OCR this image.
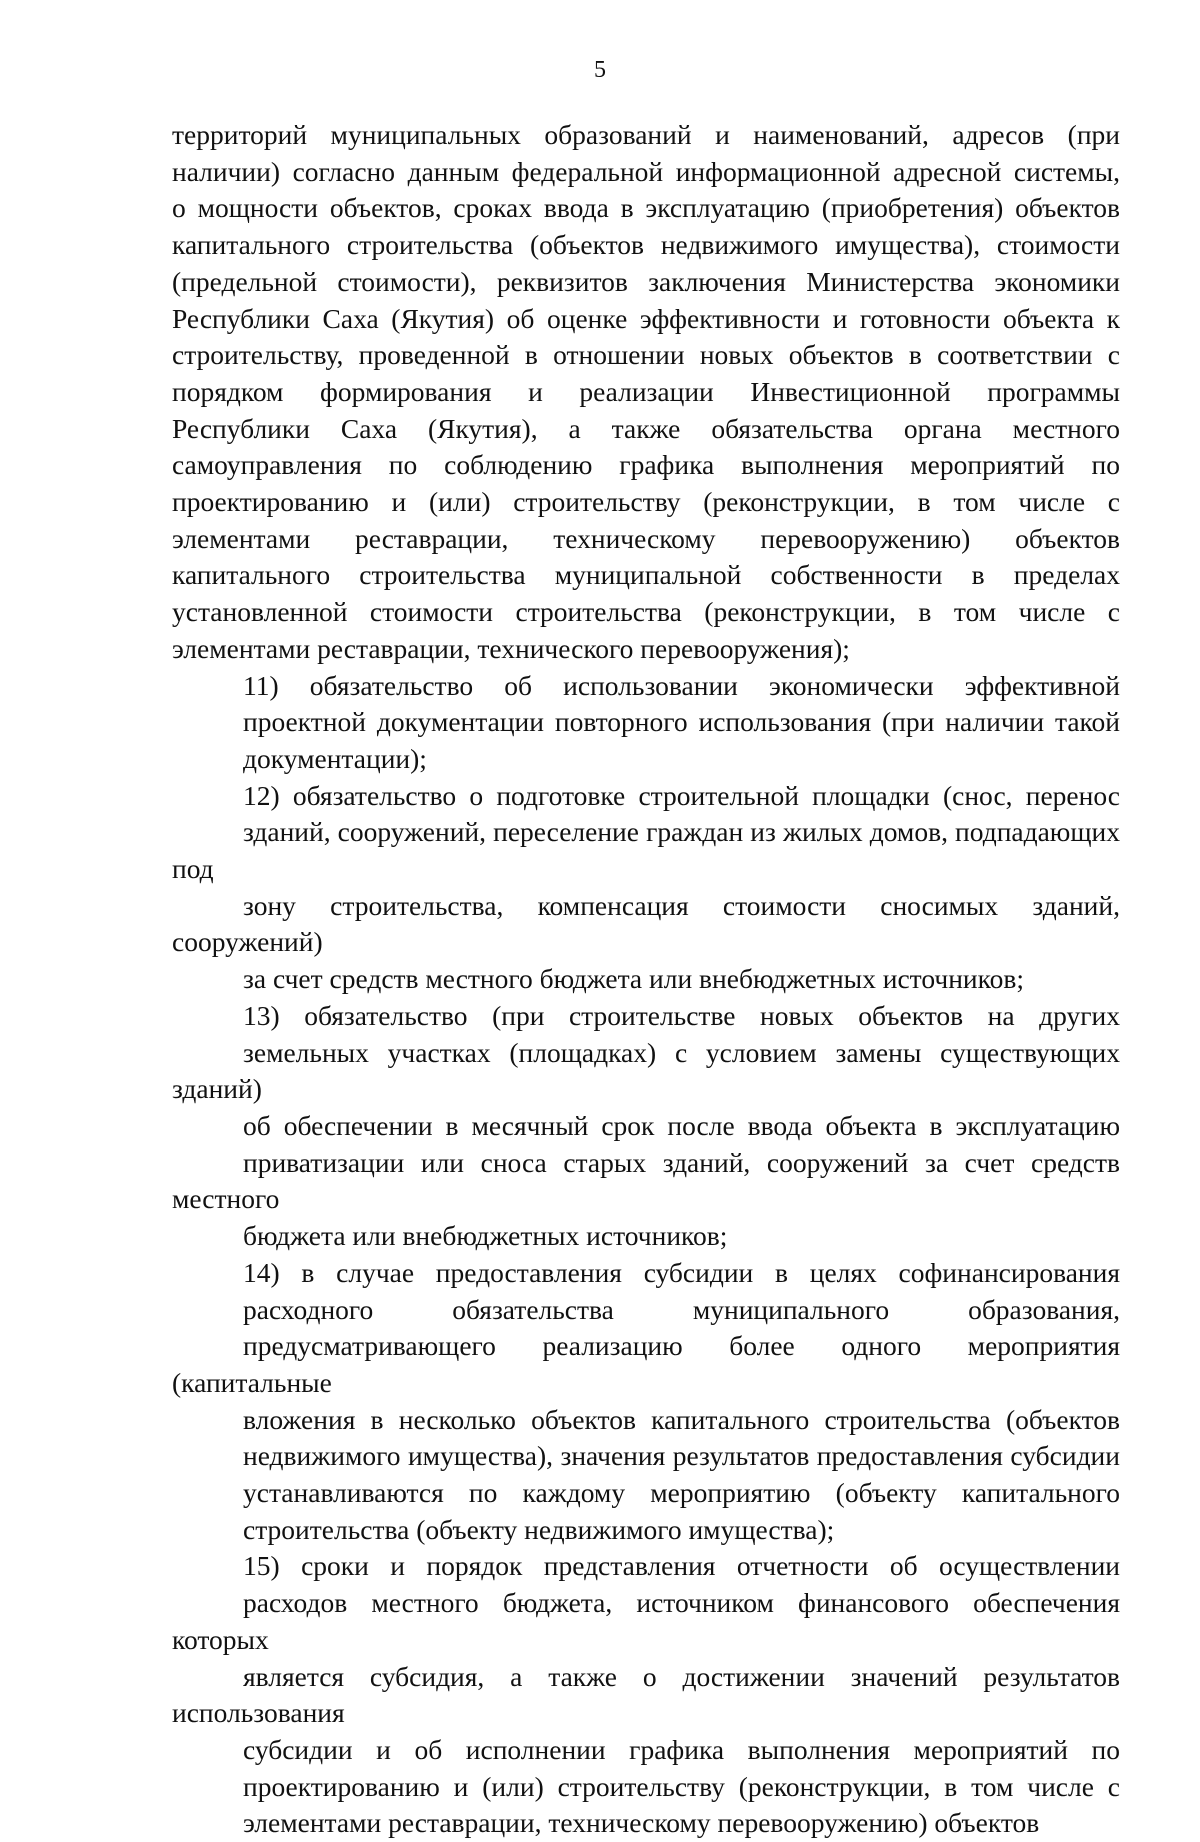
5

территорий муниципальных образований и наименований, адресов (при
наличии) согласно данным федеральной информационной адресной системы,
о мощности объектов, сроках ввода в эксплуатацию (приобретения) объектов
капитального строительства (объектов недвижимого имущества), стоимости
(предельной стоимости), реквизитов заключения Министерства экономики
Республики Саха (Якутия) об оценке эффективности и готовности объекта к
строительству, проведенной в отношении новых объектов в соответствии с
порядком формирования и реализации Инвестиционной программы
Республики Саха (Якутия), а также обязательства органа местного
самоуправления по соблюдению графика выполнения мероприятий по
проектированию и (или) строительству (реконструкции, в том числе с
элементами реставрации, техническому перевооружению) объектов
капитального строительства муниципальной собственности в пределах
установленной стоимости строительства (реконструкции, в том числе с
элементами реставрации, технического перевооружения);

11) обязательство об использовании экономически эффективной
проектной документации повторного использования (при наличии такой
документации);

12) обязательство о подготовке строительной площадки (снос, перенос
зданий, сооружений, переселение граждан из жилых домов, подпадающих под
зону строительства, компенсация стоимости сносимых зданий, сооружений)
за счет средств местного бюджета или внебюджетных источников;

13) обязательство (при строительстве новых объектов на других
земельных участках (площадках) с условием замены существующих зданий)
об обеспечении в месячный срок после ввода объекта в эксплуатацию
приватизации или сноса старых зданий, сооружений за счет средств местного
бюджета или внебюджетных источников;

14) в случае предоставления субсидии в целях софинансирования
расходного обязательства муниципального образования,
предусматривающего реализацию более одного мероприятия (капитальные
вложения в несколько объектов капитального строительства (объектов
недвижимого имущества), значения результатов предоставления субсидии
устанавливаются по каждому мероприятию (объекту капитального
строительства (объекту недвижимого имущества);

15) сроки и порядок представления отчетности об осуществлении
расходов местного бюджета, источником финансового обеспечения которых
является субсидия, а также о достижении значений результатов использования
субсидии и об исполнении графика выполнения мероприятий по
проектированию и (или) строительству (реконструкции, в том числе с
элементами реставрации, техническому перевооружению) объектов
